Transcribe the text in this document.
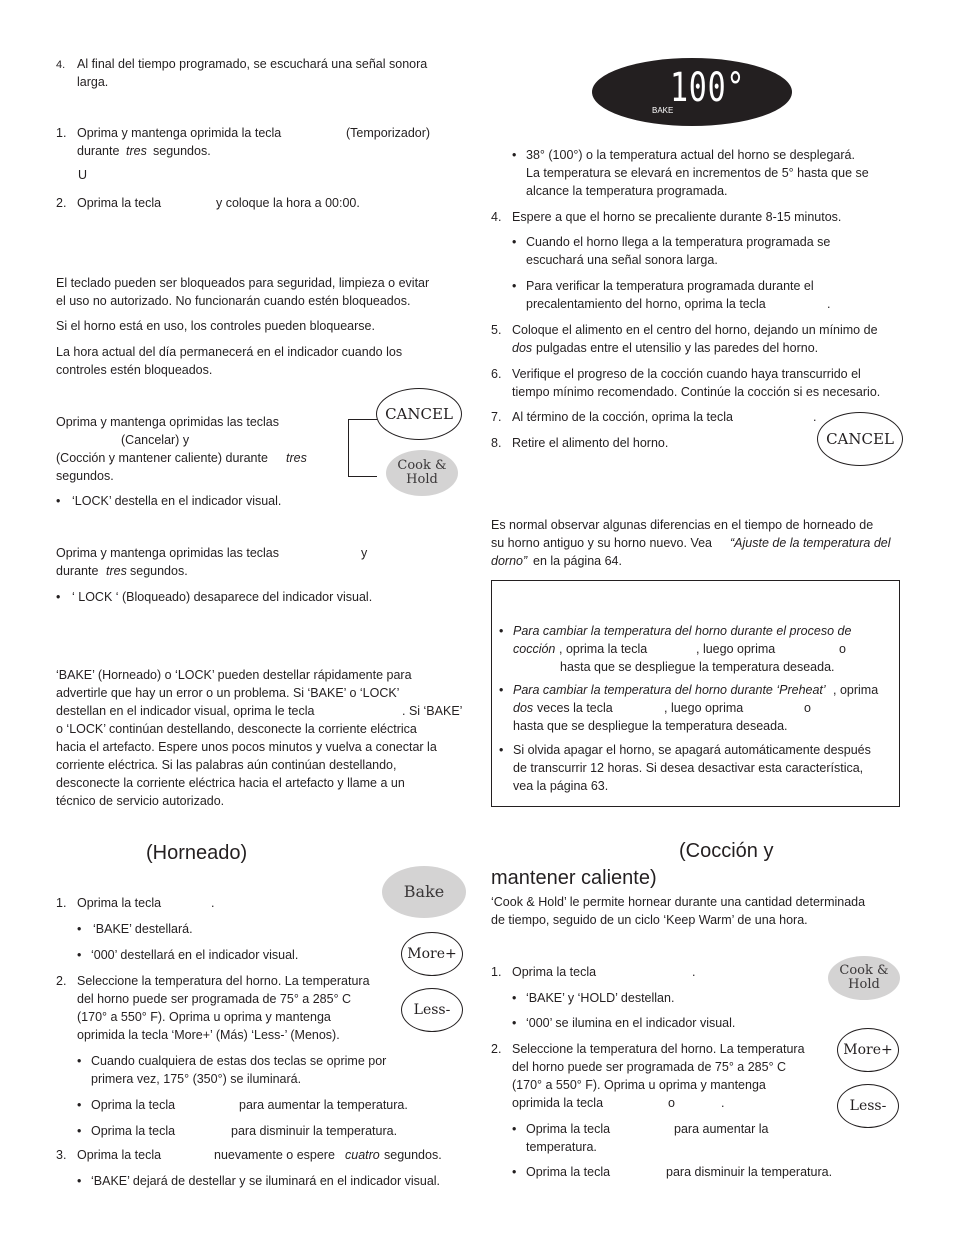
4. Al final del tiempo programado, se escuchará una señal sonora
larga.
1. Oprima y mantenga oprimida la tecla	(Temporizador)
durante tres segundos.
U
2. Oprima la tecla	y coloque la hora a 00:00.
El teclado pueden ser bloqueados para seguridad, limpieza o evitar
el uso no autorizado. No funcionarán cuando estén bloqueados.
Si el horno está en uso, los controles pueden bloquearse.
La hora actual del día permanecerá en el indicador cuando los
controles estén bloqueados.
Oprima y mantenga oprimidas las teclas
(Cancelar) y
(Cocción y mantener caliente) durante tres
segundos.
• ‘LOCK’ destella en el indicador visual.
Oprima y mantenga oprimidas las teclas	y
durante tres segundos.
• ‘ LOCK ‘ (Bloqueado) desaparece del indicador visual.
‘BAKE’ (Horneado) o ‘LOCK’ pueden destellar rápidamente para
advertirle que hay un error o un problema. Si ‘BAKE’ o ‘LOCK’
destellan en el indicador visual, oprima le tecla	. Si ‘BAKE’
o ‘LOCK’ continúan destellando, desconecte la corriente eléctrica
hacia el artefacto. Espere unos pocos minutos y vuelva a conectar la
corriente eléctrica. Si las palabras aún continúan destellando,
desconecte la corriente eléctrica hacia el artefacto y llame a un
técnico de servicio autorizado.
(Horneado)
1. Oprima la tecla	.
• ‘BAKE’ destellará.
• ‘000’ destellará en el indicador visual.
2. Seleccione la temperatura del horno. La temperatura
del horno puede ser programada de 75° a 285° C
(170° a 550° F). Oprima u oprima y mantenga
oprimida la tecla ‘More+’ (Más) ‘Less-’ (Menos).
• Cuando cualquiera de estas dos teclas se oprime por
primera vez, 175° (350°) se iluminará.
• Oprima la tecla	para aumentar la temperatura.
• Oprima la tecla	para disminuir la temperatura.
3. Oprima la tecla	nuevamente o espere cuatro segundos.
• ‘BAKE’ dejará de destellar y se iluminará en el indicador visual.
CANCEL
Cook &
Hold
Bake
More+
Less-
100°
BAKE
• 38° (100°) o la temperatura actual del horno se desplegará.
La temperatura se elevará en incrementos de 5° hasta que se
alcance la temperatura programada.
4. Espere a que el horno se precaliente durante 8-15 minutos.
• Cuando el horno llega a la temperatura programada se
escuchará una señal sonora larga.
• Para verificar la temperatura programada durante el
precalentamiento del horno, oprima la tecla	.
5. Coloque el alimento en el centro del horno, dejando un mínimo de
dos pulgadas entre el utensilio y las paredes del horno.
6. Verifique el progreso de la cocción cuando haya transcurrido el
tiempo mínimo recomendado. Continúe la cocción si es necesario.
7. Al término de la cocción, oprima la tecla	.
8. Retire el alimento del horno.
Es normal observar algunas diferencias en el tiempo de horneado de
su horno antiguo y su horno nuevo. Vea “Ajuste de la temperatura del
dorno” en la página 64.
(Cocción y
mantener caliente)
‘Cook & Hold’ le permite hornear durante una cantidad determinada
de tiempo, seguido de un ciclo ‘Keep Warm’ de una hora.
1. Oprima la tecla	.
• ‘BAKE’ y ‘HOLD’ destellan.
• ‘000’ se ilumina en el indicador visual.
2. Seleccione la temperatura del horno. La temperatura
del horno puede ser programada de 75° a 285° C
(170° a 550° F). Oprima u oprima y mantenga
oprimida la tecla	o	.
• Oprima la tecla	para aumentar la
temperatura.
• Oprima la tecla	para disminuir la temperatura.
• Para cambiar la temperatura del horno durante el proceso de
cocción , oprima la tecla	, luego oprima	o
hasta que se despliegue la temperatura deseada.
• Para cambiar la temperatura del horno durante ‘Preheat’ , oprima
dos veces la tecla	, luego oprima	o
hasta que se despliegue la temperatura deseada.
• Si olvida apagar el horno, se apagará automáticamente después
de transcurrir 12 horas. Si desea desactivar esta característica,
vea la página 63.
CANCEL
Cook &
Hold
More+
Less-
